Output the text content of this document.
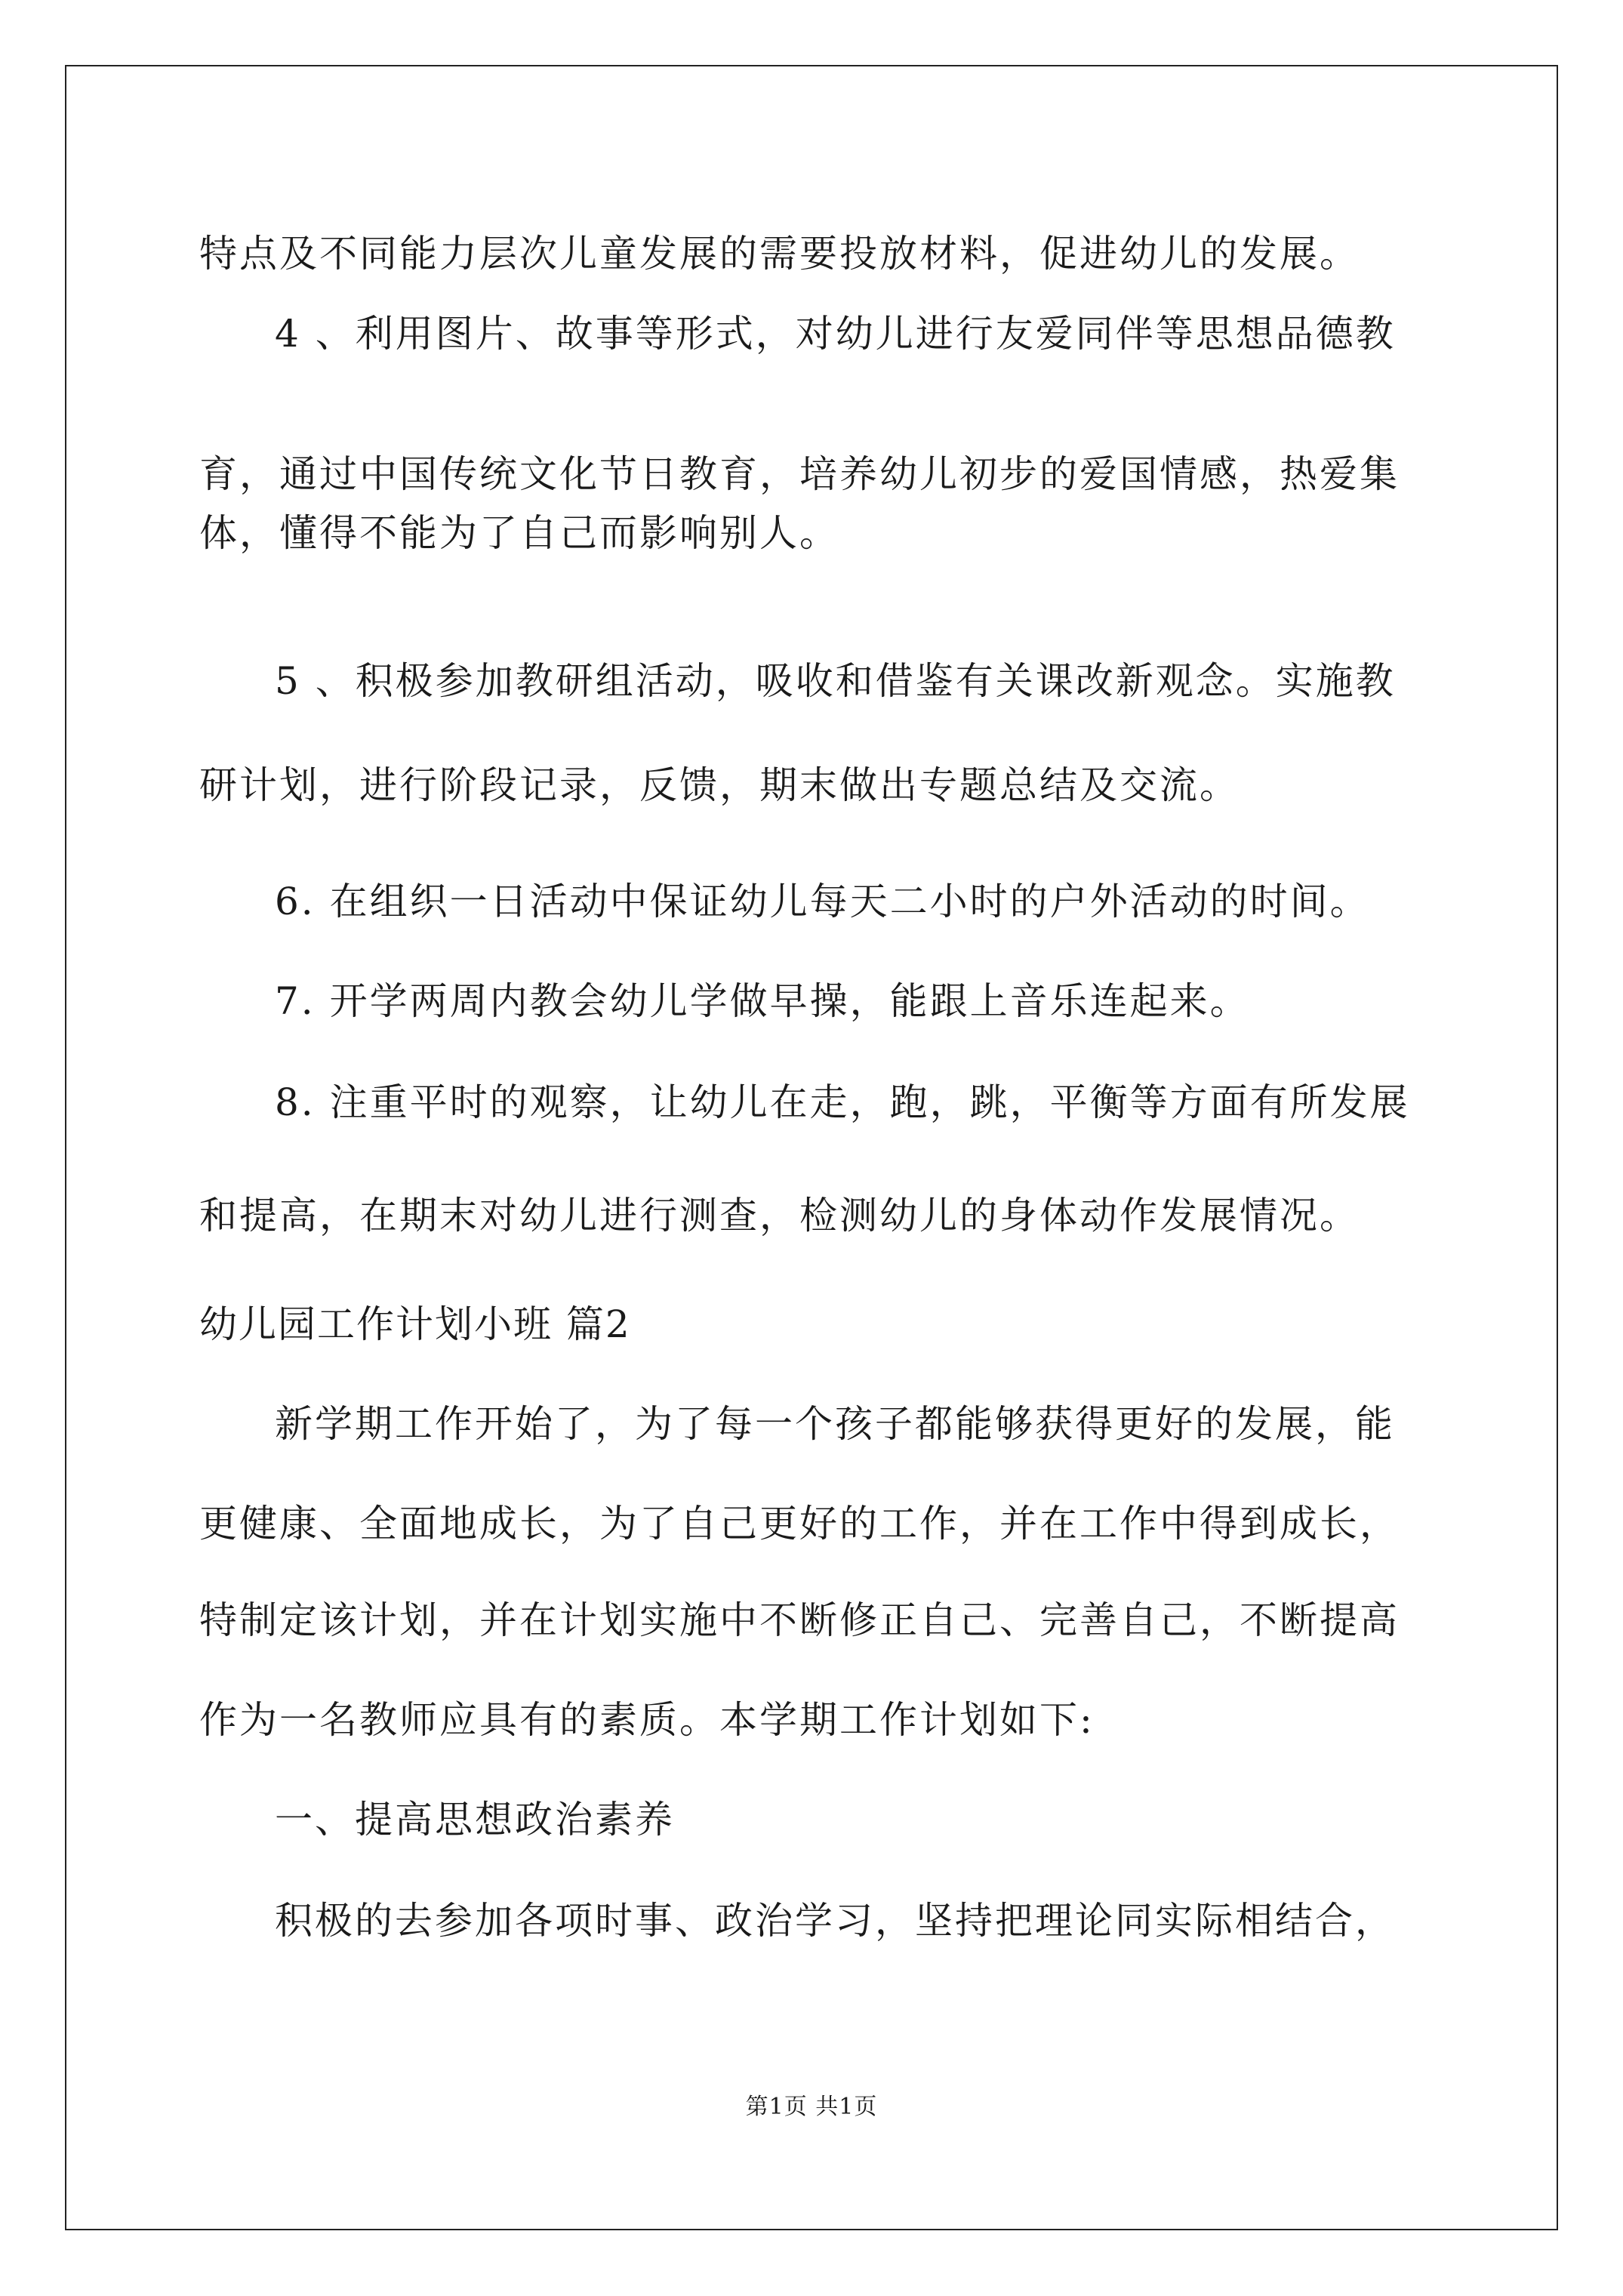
特点及不同能力层次儿童发展的需要投放材料，促进幼儿的发展。
4 、利用图片、故事等形式，对幼儿进行友爱同伴等思想品德教
育，通过中国传统文化节日教育，培养幼儿初步的爱国情感，热爱集
体，懂得不能为了自己而影响别人。
5 、积极参加教研组活动，吸收和借鉴有关课改新观念。实施教
研计划，进行阶段记录，反馈，期末做出专题总结及交流。
6. 在组织一日活动中保证幼儿每天二小时的户外活动的时间。
7. 开学两周内教会幼儿学做早操，能跟上音乐连起来。
8. 注重平时的观察，让幼儿在走，跑，跳，平衡等方面有所发展
和提高，在期末对幼儿进行测查，检测幼儿的身体动作发展情况。
幼儿园工作计划小班 篇2
新学期工作开始了，为了每一个孩子都能够获得更好的发展，能
更健康、全面地成长，为了自己更好的工作，并在工作中得到成长，
特制定该计划，并在计划实施中不断修正自己、完善自己，不断提高
作为一名教师应具有的素质。本学期工作计划如下:
一、提高思想政治素养
积极的去参加各项时事、政治学习，坚持把理论同实际相结合，
第1页 共1页
